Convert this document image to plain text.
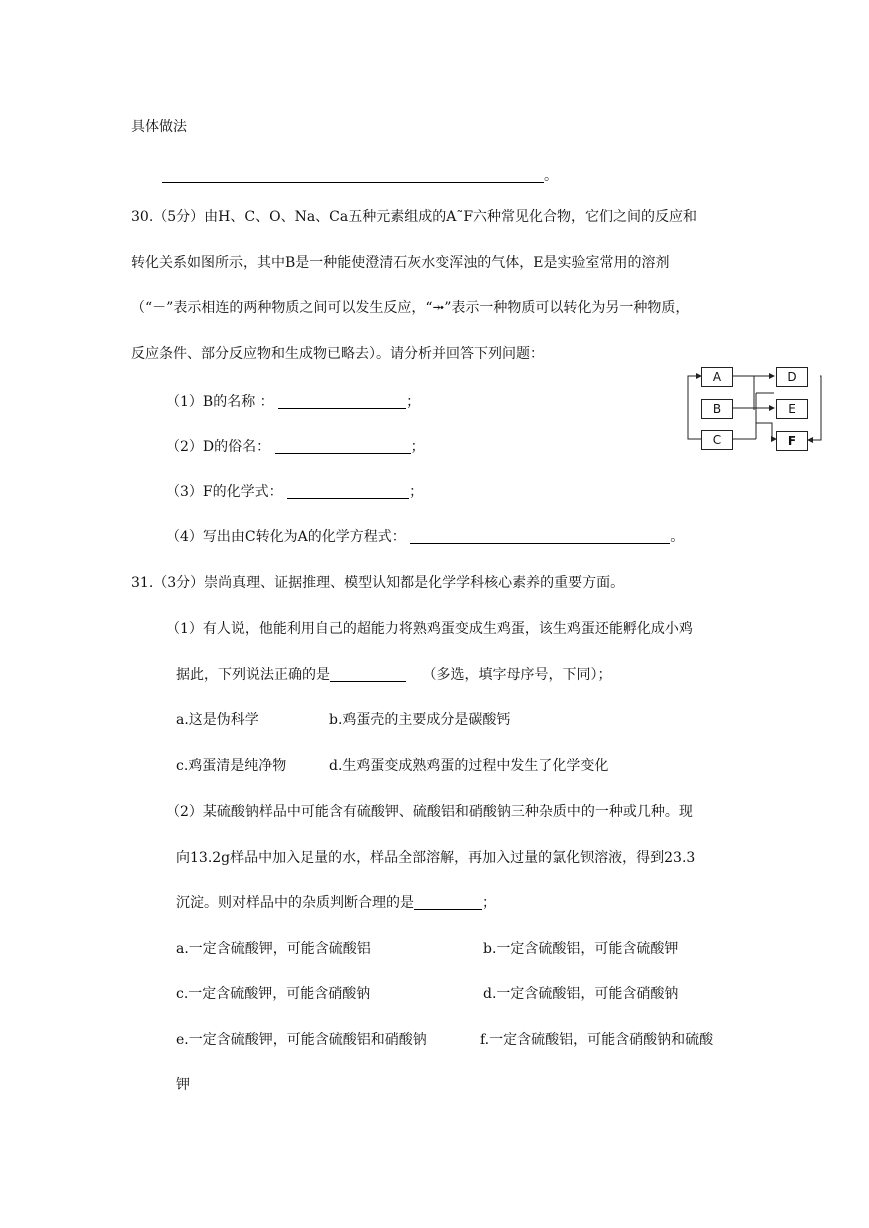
具体做法
。
30.（5分）由H、C、O、Na、Ca五种元素组成的A˜F六种常见化合物，它们之间的反应和
转化关系如图所示，其中B是一种能使澄清石灰水变浑浊的气体，E是实验室常用的溶剂
（“－”表示相连的两种物质之间可以发生反应，“⤞”表示一种物质可以转化为另一种物质，
反应条件、部分反应物和生成物已略去）。请分析并回答下列问题：
（1）B的名称 ：	；
（2）D的俗名：	；
（3）F的化学式：	；
（4）写出由C转化为A的化学方程式：	。
A
B
C
D
E
F
31.（3分）崇尚真理、证据推理、模型认知都是化学学科核心素养的重要方面。
（1）有人说，他能利用自己的超能力将熟鸡蛋变成生鸡蛋，该生鸡蛋还能孵化成小鸡
据此，下列说法正确的是	（多选，填字母序号，下同）；
a.这是伪科学	b.鸡蛋壳的主要成分是碳酸钙
c.鸡蛋清是纯净物	d.生鸡蛋变成熟鸡蛋的过程中发生了化学变化
（2）某硫酸钠样品中可能含有硫酸钾、硫酸铝和硝酸钠三种杂质中的一种或几种。现
向13.2g样品中加入足量的水，样品全部溶解，再加入过量的氯化钡溶液，得到23.3
沉淀。则对样品中的杂质判断合理的是	；
a.一定含硫酸钾，可能含硫酸铝	b.一定含硫酸铝，可能含硫酸钾
c.一定含硫酸钾，可能含硝酸钠	d.一定含硫酸铝，可能含硝酸钠
e.一定含硫酸钾，可能含硫酸铝和硝酸钠	f.一定含硫酸铝，可能含硝酸钠和硫酸
钾
